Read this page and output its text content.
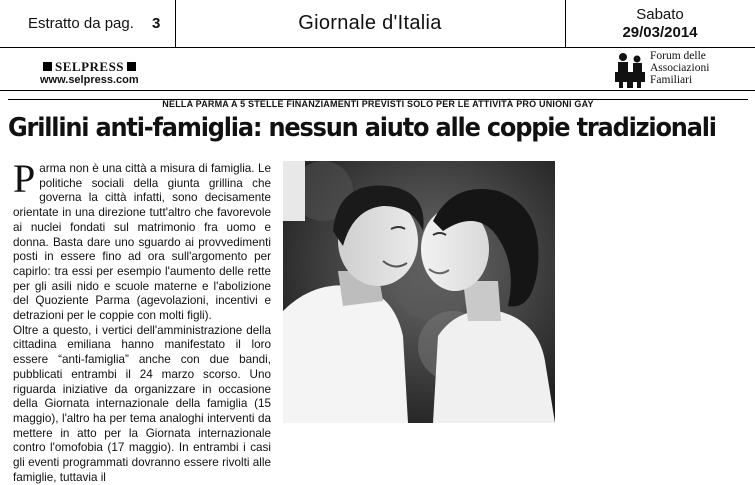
Estratto da pag. 3	Giornale d'Italia	Sabato
29/03/2014
SELPRESS
www.selpress.com
Forum delle
Associazioni
Familiari
NELLA PARMA A 5 STELLE FINANZIAMENTI PREVISTI SOLO PER LE ATTIVITÀ PRO UNIONI GAY
Grillini anti-famiglia: nessun aiuto alle coppie tradizionali

Parma non è una città a misura di famiglia. Le politiche sociali della giunta grillina che governa la città infatti, sono decisamente orientate in una direzione tutt'altro che favorevole ai nuclei fondati sul matrimonio fra uomo e donna. Basta dare uno sguardo ai provvedimenti posti in essere fino ad ora sull'argomento per capirlo: tra essi per esempio l'aumento delle rette per gli asili nido e scuole materne e l'abolizione del Quoziente Parma (agevolazioni, incentivi e detrazioni per le coppie con molti figli).

Oltre a questo, i vertici dell'amministrazione della cittadina emiliana hanno manifestato il loro essere “anti-famiglia” anche con due bandi, pubblicati entrambi il 24 marzo scorso. Uno riguarda iniziative da organizzare in occasione della Giornata internazionale della famiglia (15 maggio), l'altro ha per tema analoghi interventi da mettere in atto per la Giornata internazionale contro l'omofobia (17 maggio). In entrambi i casi gli eventi programmati dovranno essere rivolti alle famiglie, tuttavia il
